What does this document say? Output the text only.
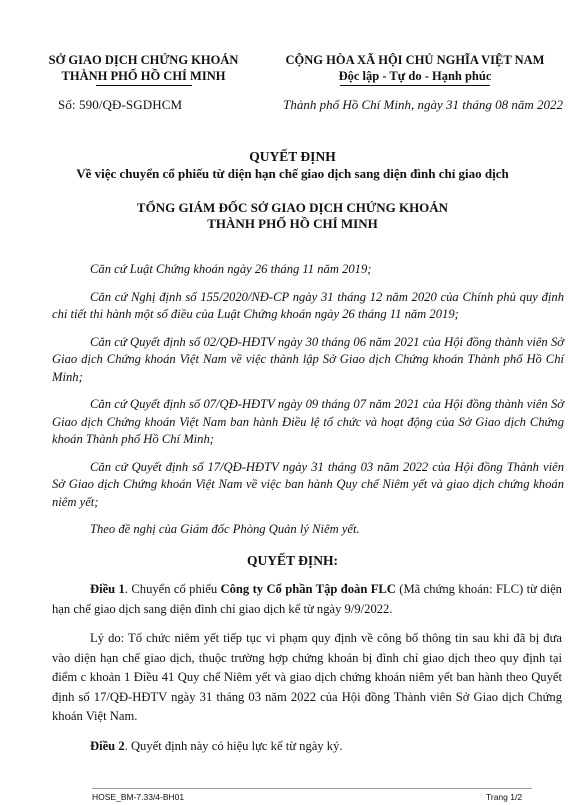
SỞ GIAO DỊCH CHỨNG KHOÁN
THÀNH PHỐ HỒ CHÍ MINH
CỘNG HÒA XÃ HỘI CHỦ NGHĨA VIỆT NAM
Độc lập - Tự do - Hạnh phúc
Số: 590/QĐ-SGDHCM	Thành phố Hồ Chí Minh, ngày 31 tháng 08 năm 2022
QUYẾT ĐỊNH
Về việc chuyển cổ phiếu từ diện hạn chế giao dịch sang diện đình chỉ giao dịch
TỔNG GIÁM ĐỐC SỞ GIAO DỊCH CHỨNG KHOÁN
THÀNH PHỐ HỒ CHÍ MINH
Căn cứ Luật Chứng khoán ngày 26 tháng 11 năm 2019;
Căn cứ Nghị định số 155/2020/NĐ-CP ngày 31 tháng 12 năm 2020 của Chính phủ quy định chi tiết thi hành một số điều của Luật Chứng khoán ngày 26 tháng 11 năm 2019;
Căn cứ Quyết định số 02/QĐ-HĐTV ngày 30 tháng 06 năm 2021 của Hội đồng thành viên Sở Giao dịch Chứng khoán Việt Nam về việc thành lập Sở Giao dịch Chứng khoán Thành phố Hồ Chí Minh;
Căn cứ Quyết định số 07/QĐ-HĐTV ngày 09 tháng 07 năm 2021 của Hội đồng thành viên Sở Giao dịch Chứng khoán Việt Nam ban hành Điều lệ tổ chức và hoạt động của Sở Giao dịch Chứng khoán Thành phố Hồ Chí Minh;
Căn cứ Quyết định số 17/QĐ-HĐTV ngày 31 tháng 03 năm 2022 của Hội đồng Thành viên Sở Giao dịch Chứng khoán Việt Nam về việc ban hành Quy chế Niêm yết và giao dịch chứng khoán niêm yết;
Theo đề nghị của Giám đốc Phòng Quản lý Niêm yết.
QUYẾT ĐỊNH:
Điều 1. Chuyển cổ phiếu Công ty Cổ phần Tập đoàn FLC (Mã chứng khoán: FLC) từ diện hạn chế giao dịch sang diện đình chỉ giao dịch kể từ ngày 9/9/2022.
Lý do: Tổ chức niêm yết tiếp tục vi phạm quy định về công bố thông tin sau khi đã bị đưa vào diện hạn chế giao dịch, thuộc trường hợp chứng khoán bị đình chỉ giao dịch theo quy định tại điểm c khoản 1 Điều 41 Quy chế Niêm yết và giao dịch chứng khoán niêm yết ban hành theo Quyết định số 17/QĐ-HĐTV ngày 31 tháng 03 năm 2022 của Hội đồng Thành viên Sở Giao dịch Chứng khoán Việt Nam.
Điều 2. Quyết định này có hiệu lực kể từ ngày ký.
HOSE_BM-7.33/4-BH01	Trang 1/2
